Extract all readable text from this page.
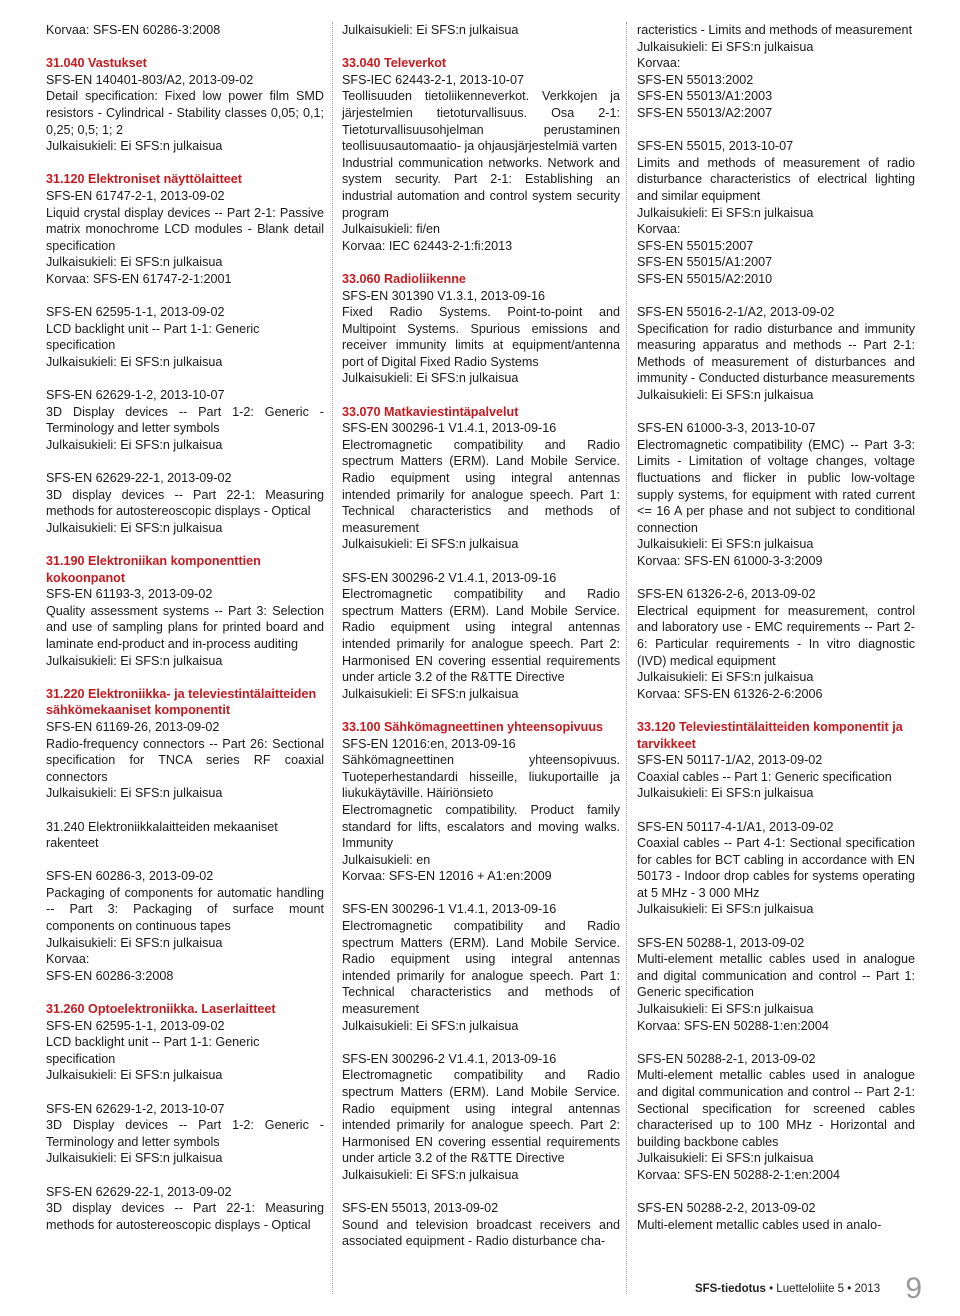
Korvaa: SFS-EN 60286-3:2008
31.040 Vastukset
SFS-EN 140401-803/A2, 2013-09-02
Detail specification: Fixed low power film SMD resistors - Cylindrical - Stability classes 0,05; 0,1; 0,25; 0,5; 1; 2
Julkaisukieli: Ei SFS:n julkaisua
31.120 Elektroniset näyttölaitteet
SFS-EN 61747-2-1, 2013-09-02
Liquid crystal display devices -- Part 2-1: Passive matrix monochrome LCD modules - Blank detail specification
Julkaisukieli: Ei SFS:n julkaisua
Korvaa: SFS-EN 61747-2-1:2001
SFS-EN 62595-1-1, 2013-09-02
LCD backlight unit -- Part 1-1: Generic specification
Julkaisukieli: Ei SFS:n julkaisua
SFS-EN 62629-1-2, 2013-10-07
3D Display devices -- Part 1-2: Generic - Terminology and letter symbols
Julkaisukieli: Ei SFS:n julkaisua
SFS-EN 62629-22-1, 2013-09-02
3D display devices -- Part 22-1: Measuring methods for autostereoscopic displays - Optical
Julkaisukieli: Ei SFS:n julkaisua
31.190 Elektroniikan komponenttien kokoonpanot
SFS-EN 61193-3, 2013-09-02
Quality assessment systems -- Part 3: Selection and use of sampling plans for printed board and laminate end-product and in-process auditing
Julkaisukieli: Ei SFS:n julkaisua
31.220 Elektroniikka- ja televiestintälaitteiden sähkömekaaniset komponentit
SFS-EN 61169-26, 2013-09-02
Radio-frequency connectors -- Part 26: Sectional specification for TNCA series RF coaxial connectors
Julkaisukieli: Ei SFS:n julkaisua
31.240 Elektroniikkalaitteiden mekaaniset rakenteet
SFS-EN 60286-3, 2013-09-02
Packaging of components for automatic handling -- Part 3: Packaging of surface mount components on continuous tapes
Julkaisukieli: Ei SFS:n julkaisua
Korvaa:
SFS-EN 60286-3:2008
31.260 Optoelektroniikka. Laserlaitteet
SFS-EN 62595-1-1, 2013-09-02
LCD backlight unit -- Part 1-1: Generic specification
Julkaisukieli: Ei SFS:n julkaisua
SFS-EN 62629-1-2, 2013-10-07
3D Display devices -- Part 1-2: Generic - Terminology and letter symbols
Julkaisukieli: Ei SFS:n julkaisua
SFS-EN 62629-22-1, 2013-09-02
3D display devices -- Part 22-1: Measuring methods for autostereoscopic displays - Optical
Julkaisukieli: Ei SFS:n julkaisua
33.040 Televerkot
SFS-IEC 62443-2-1, 2013-10-07
Teollisuuden tietoliikenneverkot. Verkkojen ja järjestelmien tietoturvallisuus. Osa 2-1: Tietoturvallisuusohjelman perustaminen teollisuusautomaatio- ja ohjausjärjestelmiä varten
Industrial communication networks. Network and system security. Part 2-1: Establishing an industrial automation and control system security program
Julkaisukieli: fi/en
Korvaa: IEC 62443-2-1:fi:2013
33.060 Radioliikenne
SFS-EN 301390 V1.3.1, 2013-09-16
Fixed Radio Systems. Point-to-point and Multipoint Systems. Spurious emissions and receiver immunity limits at equipment/antenna port of Digital Fixed Radio Systems
Julkaisukieli: Ei SFS:n julkaisua
33.070 Matkaviestintäpalvelut
SFS-EN 300296-1 V1.4.1, 2013-09-16
Electromagnetic compatibility and Radio spectrum Matters (ERM). Land Mobile Service. Radio equipment using integral antennas intended primarily for analogue speech. Part 1: Technical characteristics and methods of measurement
Julkaisukieli: Ei SFS:n julkaisua
SFS-EN 300296-2 V1.4.1, 2013-09-16
Electromagnetic compatibility and Radio spectrum Matters (ERM). Land Mobile Service. Radio equipment using integral antennas intended primarily for analogue speech. Part 2: Harmonised EN covering essential requirements under article 3.2 of the R&TTE Directive
Julkaisukieli: Ei SFS:n julkaisua
33.100 Sähkömagneettinen yhteensopivuus
SFS-EN 12016:en, 2013-09-16
Sähkömagneettinen yhteensopivuus. Tuoteperhestandardi hisseille, liukuportaille ja liukukäytäville. Häiriönsieto
Electromagnetic compatibility. Product family standard for lifts, escalators and moving walks. Immunity
Julkaisukieli: en
Korvaa: SFS-EN 12016 + A1:en:2009
SFS-EN 300296-1 V1.4.1, 2013-09-16
Electromagnetic compatibility and Radio spectrum Matters (ERM). Land Mobile Service. Radio equipment using integral antennas intended primarily for analogue speech. Part 1: Technical characteristics and methods of measurement
Julkaisukieli: Ei SFS:n julkaisua
SFS-EN 300296-2 V1.4.1, 2013-09-16
Electromagnetic compatibility and Radio spectrum Matters (ERM). Land Mobile Service. Radio equipment using integral antennas intended primarily for analogue speech. Part 2: Harmonised EN covering essential requirements under article 3.2 of the R&TTE Directive
Julkaisukieli: Ei SFS:n julkaisua
SFS-EN 55013, 2013-09-02
Sound and television broadcast receivers and associated equipment - Radio disturbance cha-
racteristics - Limits and methods of measurement
Julkaisukieli: Ei SFS:n julkaisua
Korvaa:
SFS-EN 55013:2002
SFS-EN 55013/A1:2003
SFS-EN 55013/A2:2007
SFS-EN 55015, 2013-10-07
Limits and methods of measurement of radio disturbance characteristics of electrical lighting and similar equipment
Julkaisukieli: Ei SFS:n julkaisua
Korvaa:
SFS-EN 55015:2007
SFS-EN 55015/A1:2007
SFS-EN 55015/A2:2010
SFS-EN 55016-2-1/A2, 2013-09-02
Specification for radio disturbance and immunity measuring apparatus and methods -- Part 2-1: Methods of measurement of disturbances and immunity - Conducted disturbance measurements
Julkaisukieli: Ei SFS:n julkaisua
SFS-EN 61000-3-3, 2013-10-07
Electromagnetic compatibility (EMC) -- Part 3-3: Limits - Limitation of voltage changes, voltage fluctuations and flicker in public low-voltage supply systems, for equipment with rated current <= 16 A per phase and not subject to conditional connection
Julkaisukieli: Ei SFS:n julkaisua
Korvaa: SFS-EN 61000-3-3:2009
SFS-EN 61326-2-6, 2013-09-02
Electrical equipment for measurement, control and laboratory use - EMC requirements -- Part 2-6: Particular requirements - In vitro diagnostic (IVD) medical equipment
Julkaisukieli: Ei SFS:n julkaisua
Korvaa: SFS-EN 61326-2-6:2006
33.120 Televiestintälaitteiden komponentit ja tarvikkeet
SFS-EN 50117-1/A2, 2013-09-02
Coaxial cables -- Part 1: Generic specification
Julkaisukieli: Ei SFS:n julkaisua
SFS-EN 50117-4-1/A1, 2013-09-02
Coaxial cables -- Part 4-1: Sectional specification for cables for BCT cabling in accordance with EN 50173 - Indoor drop cables for systems operating at 5 MHz - 3 000 MHz
Julkaisukieli: Ei SFS:n julkaisua
SFS-EN 50288-1, 2013-09-02
Multi-element metallic cables used in analogue and digital communication and control -- Part 1: Generic specification
Julkaisukieli: Ei SFS:n julkaisua
Korvaa: SFS-EN 50288-1:en:2004
SFS-EN 50288-2-1, 2013-09-02
Multi-element metallic cables used in analogue and digital communication and control -- Part 2-1: Sectional specification for screened cables characterised up to 100 MHz - Horizontal and building backbone cables
Julkaisukieli: Ei SFS:n julkaisua
Korvaa: SFS-EN 50288-2-1:en:2004
SFS-EN 50288-2-2, 2013-09-02
Multi-element metallic cables used in analo-
SFS-tiedotus • Luetteloliite 5 • 2013 9
